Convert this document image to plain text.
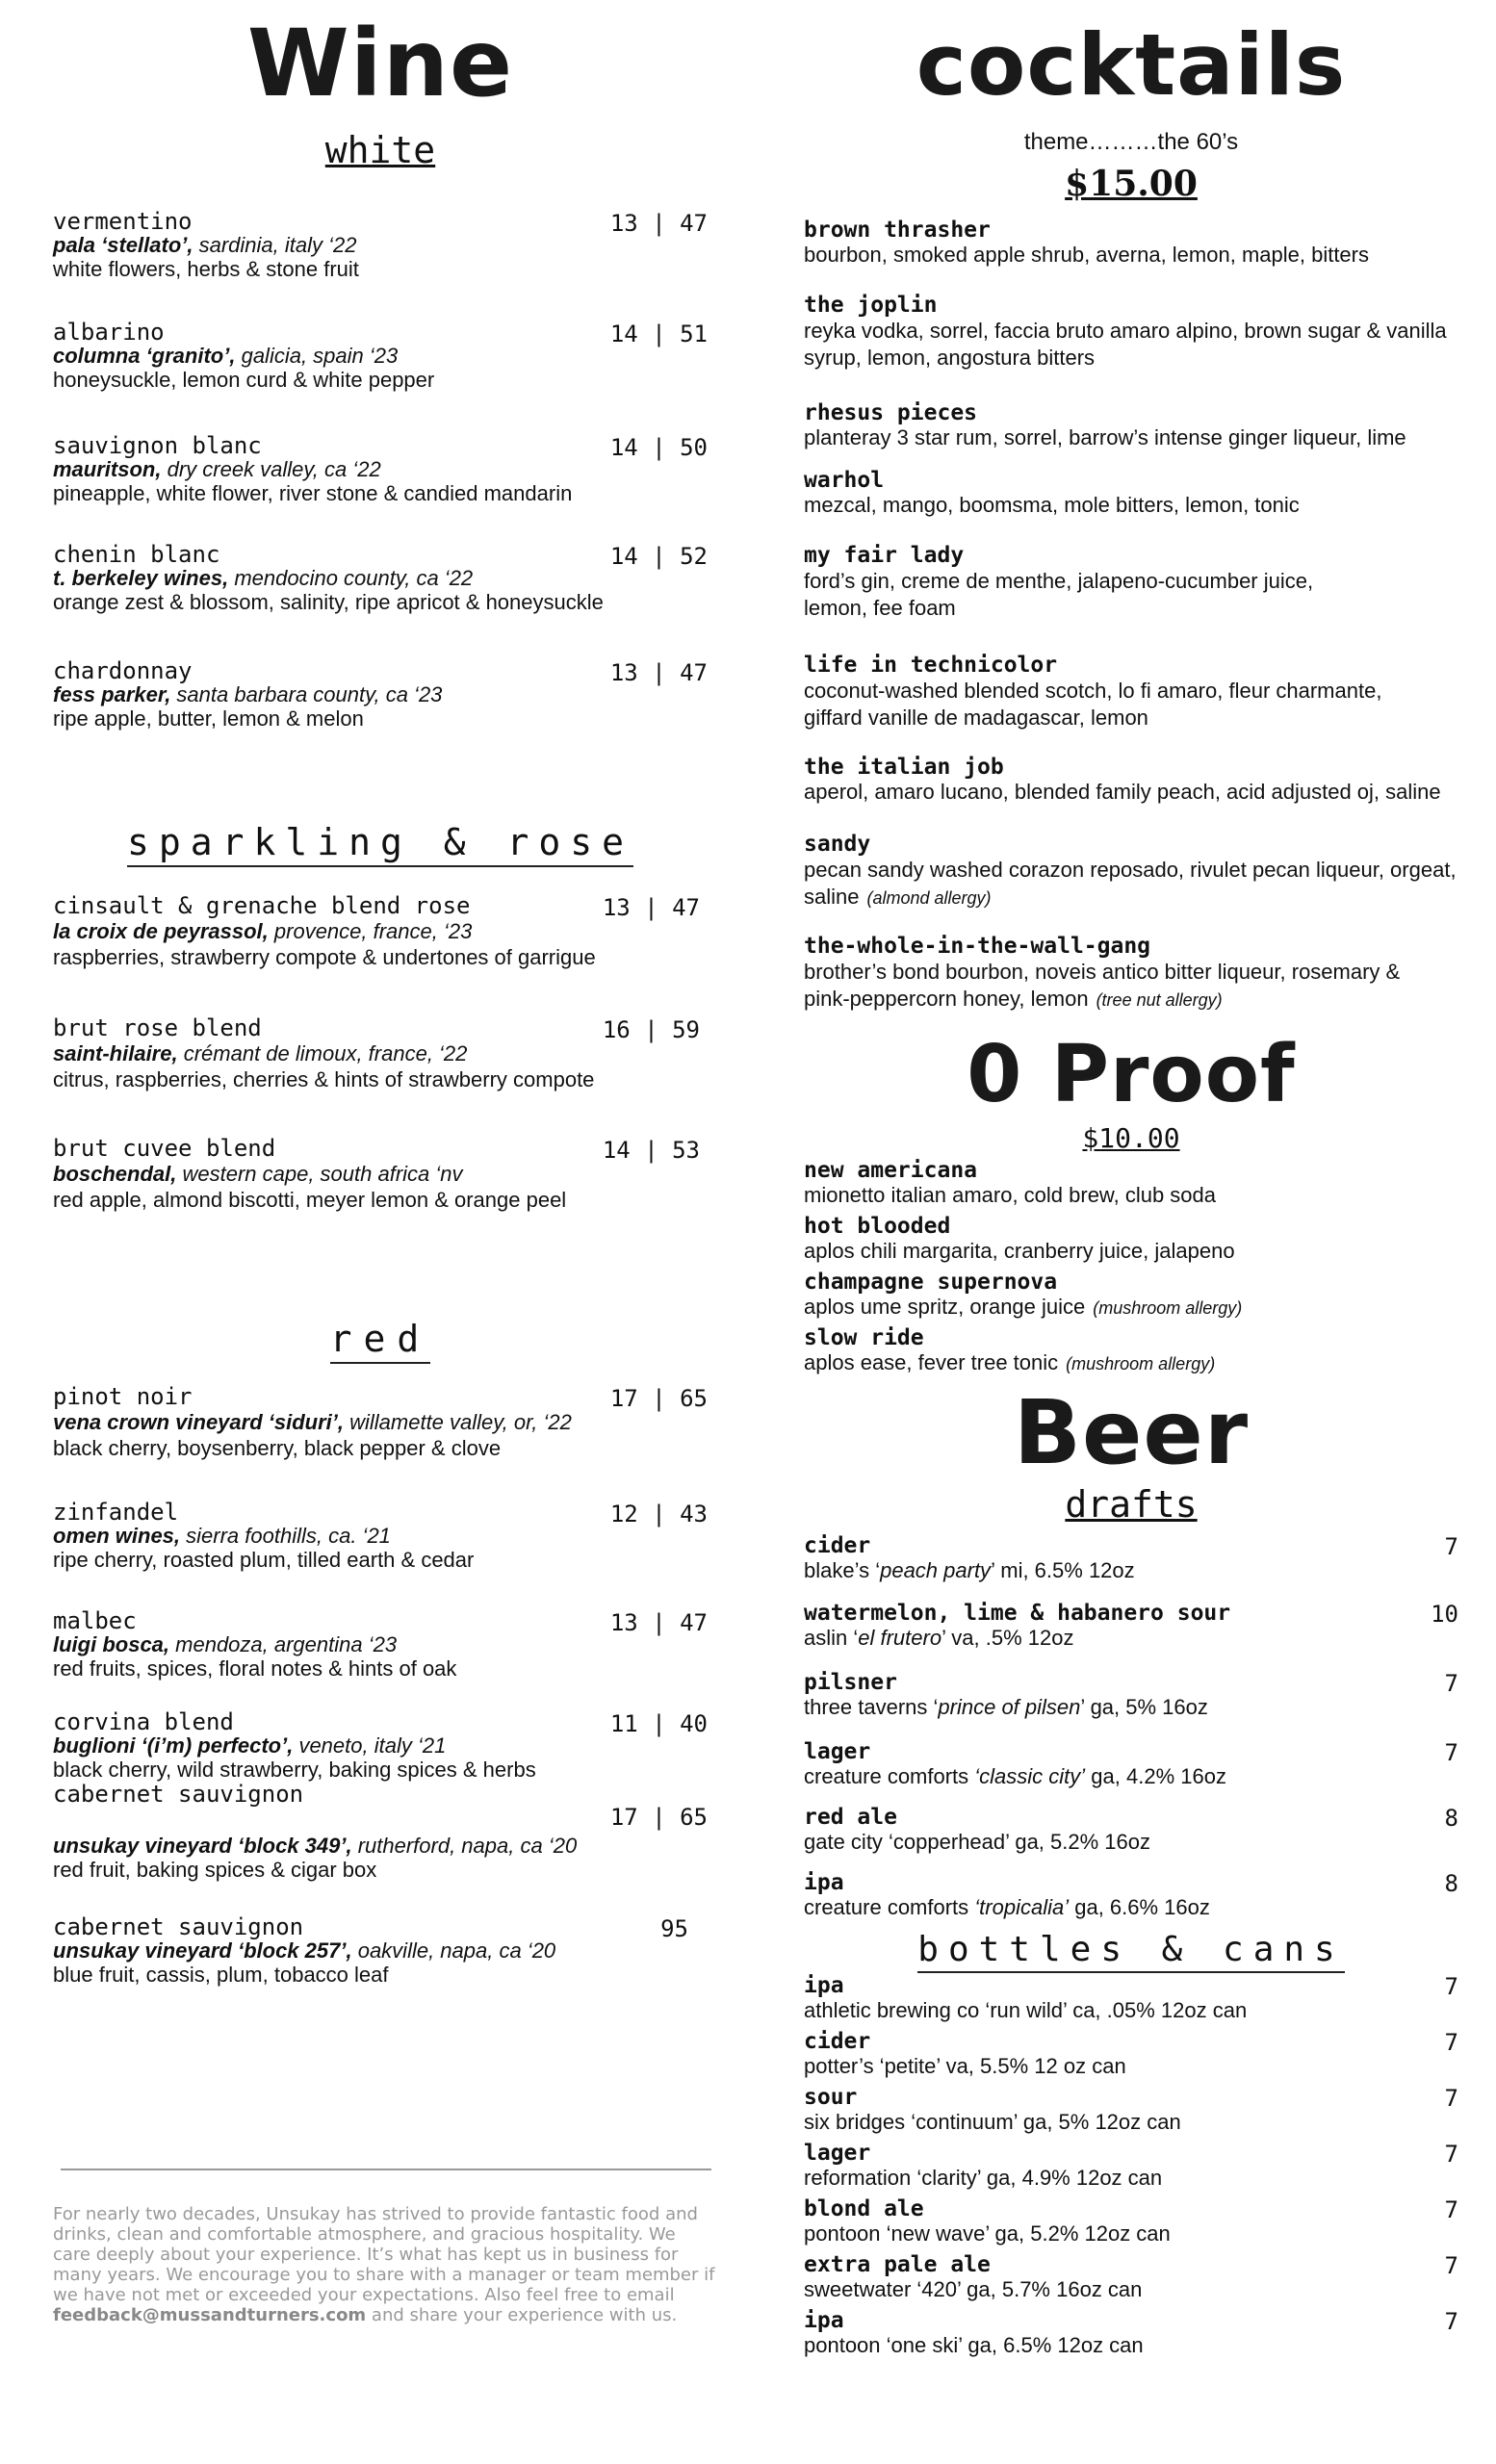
Wine
white
vermentino	13 | 47
pala ‘stellato’, sardinia, italy ‘22
white flowers, herbs & stone fruit
albarino	14 | 51
columna ‘granito’, galicia, spain ‘23
honeysuckle, lemon curd & white pepper
sauvignon blanc	14 | 50
mauritson, dry creek valley, ca ‘22
pineapple, white flower, river stone & candied mandarin
chenin blanc	14 | 52
t. berkeley wines, mendocino county, ca ‘22
orange zest & blossom, salinity, ripe apricot & honeysuckle
chardonnay	13 | 47
fess parker, santa barbara county, ca ‘23
ripe apple, butter, lemon & melon
sparkling & rose
cinsault & grenache blend rose	13 | 47
la croix de peyrassol, provence, france, ‘23
raspberries, strawberry compote & undertones of garrigue
brut rose blend	16 | 59
saint-hilaire, crémant de limoux, france, ‘22
citrus, raspberries, cherries & hints of strawberry compote
brut cuvee blend	14 | 53
boschendal, western cape, south africa ‘nv
red apple, almond biscotti, meyer lemon & orange peel
red
pinot noir	17 | 65
vena crown vineyard ‘siduri’, willamette valley, or, ‘22
black cherry, boysenberry, black pepper & clove
zinfandel	12 | 43
omen wines, sierra foothills, ca. ‘21
ripe cherry, roasted plum, tilled earth & cedar
malbec	13 | 47
luigi bosca, mendoza, argentina ‘23
red fruits, spices, floral notes & hints of oak
corvina blend	11 | 40
buglioni ‘(i’m) perfecto’, veneto, italy ‘21
black cherry, wild strawberry, baking spices & herbs
cabernet sauvignon
17 | 65
unsukay vineyard ‘block 349’, rutherford, napa, ca ‘20
red fruit, baking spices & cigar box
cabernet sauvignon	95
unsukay vineyard ‘block 257’, oakville, napa, ca ‘20
blue fruit, cassis, plum, tobacco leaf
For nearly two decades, Unsukay has strived to provide fantastic food and drinks, clean and comfortable atmosphere, and gracious hospitality. We care deeply about your experience. It’s what has kept us in business for many years. We encourage you to share with a manager or team member if we have not met or exceeded your expectations. Also feel free to email feedback@mussandturners.com and share your experience with us.
cocktails
theme………the 60’s
$15.00
brown thrasher
bourbon, smoked apple shrub, averna, lemon, maple, bitters
the joplin
reyka vodka, sorrel, faccia bruto amaro alpino, brown sugar & vanilla syrup, lemon, angostura bitters
rhesus pieces
planteray 3 star rum, sorrel, barrow’s intense ginger liqueur, lime
warhol
mezcal, mango, boomsma, mole bitters, lemon, tonic
my fair lady
ford’s gin, creme de menthe, jalapeno-cucumber juice, lemon, fee foam
life in technicolor
coconut-washed blended scotch, lo fi amaro, fleur charmante, giffard vanille de madagascar, lemon
the italian job
aperol, amaro lucano, blended family peach, acid adjusted oj, saline
sandy
pecan sandy washed corazon reposado, rivulet pecan liqueur, orgeat, saline (almond allergy)
the-whole-in-the-wall-gang
brother’s bond bourbon, noveis antico bitter liqueur, rosemary & pink-peppercorn honey, lemon (tree nut allergy)
0 Proof
$10.00
new americana
mionetto italian amaro, cold brew, club soda
hot blooded
aplos chili margarita, cranberry juice, jalapeno
champagne supernova
aplos ume spritz, orange juice (mushroom allergy)
slow ride
aplos ease, fever tree tonic (mushroom allergy)
Beer
drafts
cider	7
blake’s ‘peach party’ mi, 6.5% 12oz
watermelon, lime & habanero sour	10
aslin ‘el frutero’ va, .5% 12oz
pilsner	7
three taverns ‘prince of pilsen’ ga, 5% 16oz
lager	7
creature comforts ‘classic city’ ga, 4.2% 16oz
red ale	8
gate city ‘copperhead’ ga, 5.2% 16oz
ipa	8
creature comforts ‘tropicalia’ ga, 6.6% 16oz
bottles & cans
ipa	7
athletic brewing co ‘run wild’ ca, .05% 12oz can
cider	7
potter’s ‘petite’ va, 5.5% 12 oz can
sour	7
six bridges ‘continuum’ ga, 5% 12oz can
lager	7
reformation ‘clarity’ ga, 4.9% 12oz can
blond ale	7
pontoon ‘new wave’ ga, 5.2% 12oz can
extra pale ale	7
sweetwater ‘420’ ga, 5.7% 16oz can
ipa	7
pontoon ‘one ski’ ga, 6.5% 12oz can
